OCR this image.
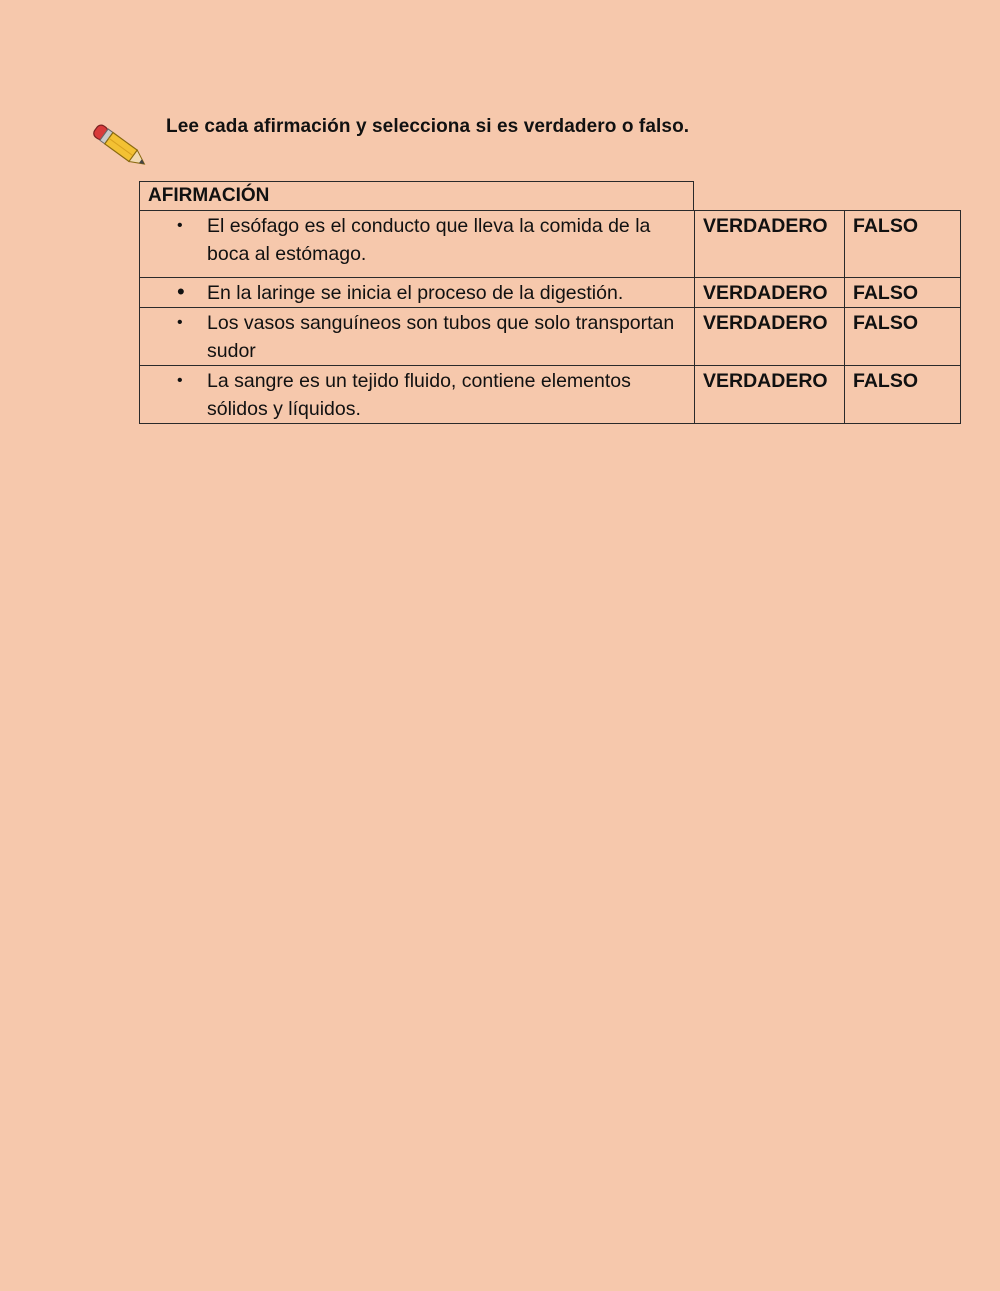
Lee cada afirmación y selecciona si es verdadero o falso.
AFIRMACIÓN
• El esófago es el conducto que lleva la comida de la boca al estómago.	VERDADERO	FALSO

• En la laringe se inicia el proceso de la digestión.	VERDADERO	FALSO

• Los vasos sanguíneos son tubos que solo transportan sudor	VERDADERO	FALSO

• La sangre es un tejido fluido, contiene elementos sólidos y líquidos.	VERDADERO	FALSO
